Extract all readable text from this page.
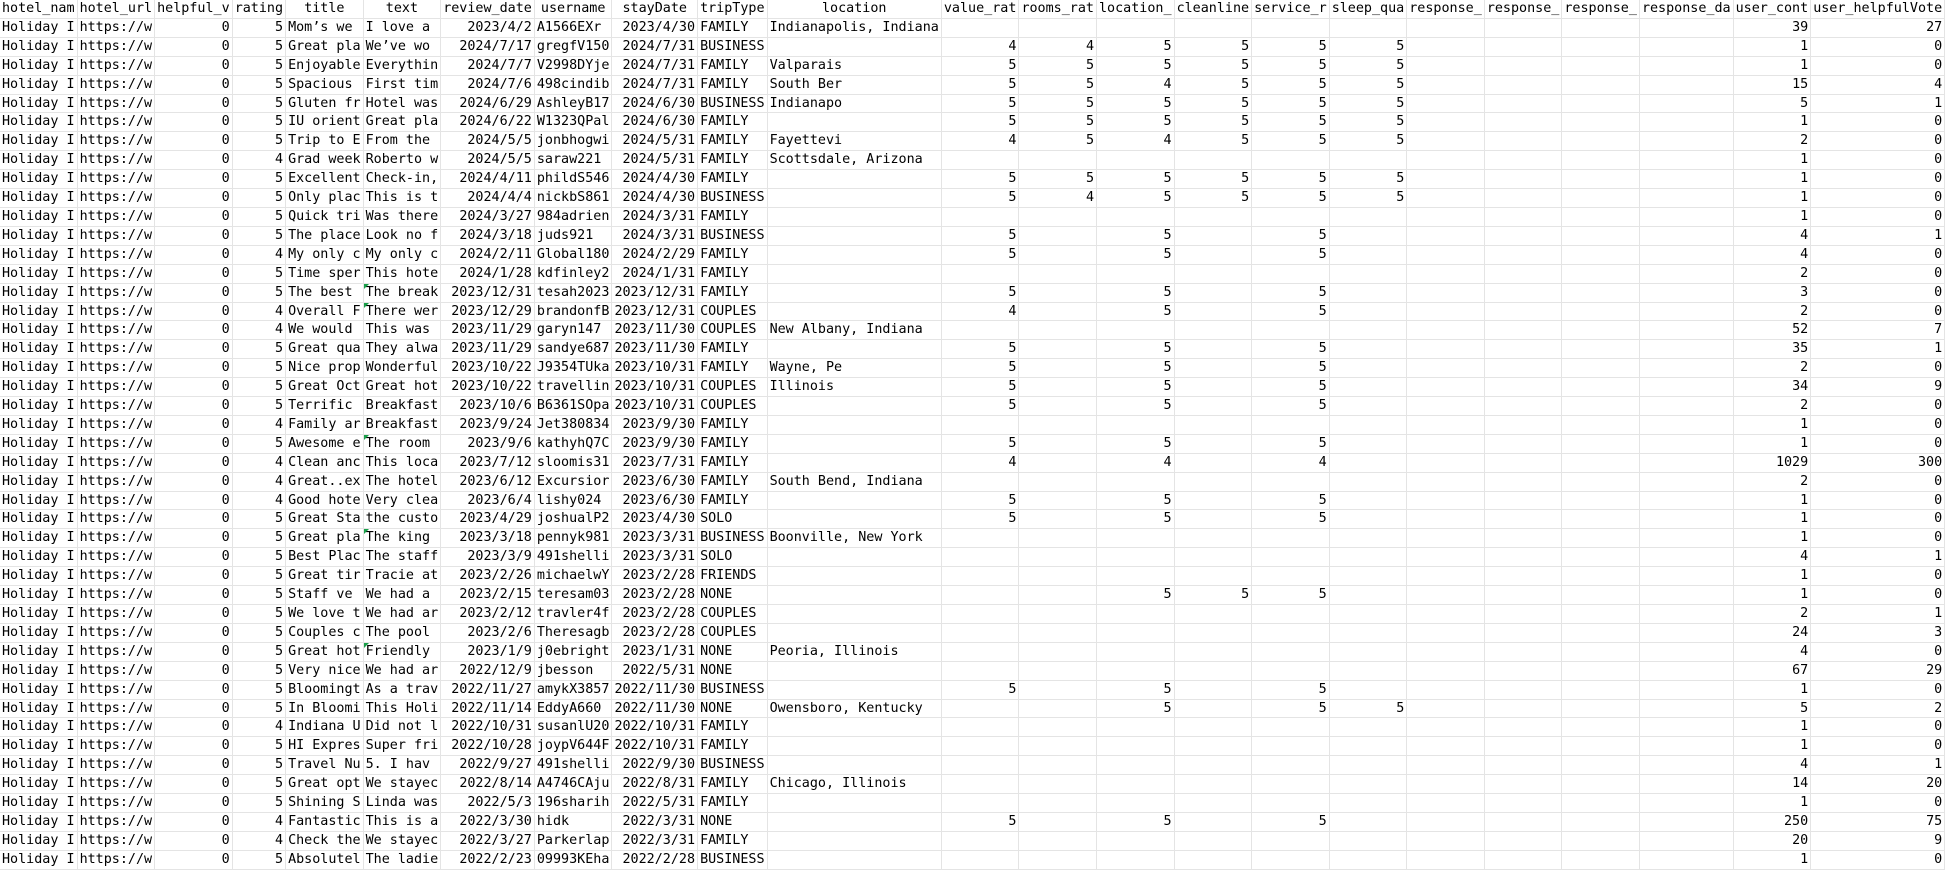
hotel_nam	hotel_url	helpful_v	rating	title	text	review_date	username	stayDate	tripType	location	value_rat	rooms_rat	location_	cleanline	service_r	sleep_qua	response_	response_	response_	response_da	user_cont	user_helpfulVote
Holiday I	https://w	0	5	Mom’s we	I love a	2023/4/2	A1566EXr	2023/4/30	FAMILY	Indianapolis, Indiana											39	27
Holiday I	https://w	0	5	Great pla	We’ve wo	2024/7/17	gregfV150	2024/7/31	BUSINESS		4	4	5	5	5	5					1	0
Holiday I	https://w	0	5	Enjoyable	Everythin	2024/7/7	V2998DYje	2024/7/31	FAMILY	Valparais	5	5	5	5	5	5					1	0
Holiday I	https://w	0	5	Spacious	First tim	2024/7/6	498cindib	2024/7/31	FAMILY	South Ber	5	5	4	5	5	5					15	4
Holiday I	https://w	0	5	Gluten fr	Hotel was	2024/6/29	AshleyB17	2024/6/30	BUSINESS	Indianapo	5	5	5	5	5	5					5	1
Holiday I	https://w	0	5	IU orient	Great pla	2024/6/22	W1323QPal	2024/6/30	FAMILY		5	5	5	5	5	5					1	0
Holiday I	https://w	0	5	Trip to E	From the	2024/5/5	jonbhogwi	2024/5/31	FAMILY	Fayettevi	4	5	4	5	5	5					2	0
Holiday I	https://w	0	4	Grad week	Roberto w	2024/5/5	saraw221	2024/5/31	FAMILY	Scottsdale, Arizona											1	0
Holiday I	https://w	0	5	Excellent	Check-in,	2024/4/11	phildS546	2024/4/30	FAMILY		5	5	5	5	5	5					1	0
Holiday I	https://w	0	5	Only plac	This is t	2024/4/4	nickbS861	2024/4/30	BUSINESS		5	4	5	5	5	5					1	0
Holiday I	https://w	0	5	Quick tri	Was there	2024/3/27	984adrien	2024/3/31	FAMILY												1	0
Holiday I	https://w	0	5	The place	Look no f	2024/3/18	juds921	2024/3/31	BUSINESS		5		5		5						4	1
Holiday I	https://w	0	4	My only c	My only c	2024/2/11	Global180	2024/2/29	FAMILY		5		5		5						4	0
Holiday I	https://w	0	5	Time sper	This hote	2024/1/28	kdfinley2	2024/1/31	FAMILY												2	0
Holiday I	https://w	0	5	The best	The break	2023/12/31	tesah2023	2023/12/31	FAMILY		5		5		5						3	0
Holiday I	https://w	0	4	Overall F	There wer	2023/12/29	brandonfB	2023/12/31	COUPLES		4		5		5						2	0
Holiday I	https://w	0	4	We would	This was	2023/11/29	garyn147	2023/11/30	COUPLES	New Albany, Indiana											52	7
Holiday I	https://w	0	5	Great qua	They alwa	2023/11/29	sandye687	2023/11/30	FAMILY		5		5		5						35	1
Holiday I	https://w	0	5	Nice prop	Wonderful	2023/10/22	J9354TUka	2023/10/31	FAMILY	Wayne, Pe	5		5		5						2	0
Holiday I	https://w	0	5	Great Oct	Great hot	2023/10/22	travellin	2023/10/31	COUPLES	Illinois	5		5		5						34	9
Holiday I	https://w	0	5	Terrific	Breakfast	2023/10/6	B6361SOpa	2023/10/31	COUPLES		5		5		5						2	0
Holiday I	https://w	0	4	Family ar	Breakfast	2023/9/24	Jet380834	2023/9/30	FAMILY												1	0
Holiday I	https://w	0	5	Awesome e	The room	2023/9/6	kathyhQ7C	2023/9/30	FAMILY		5		5		5						1	0
Holiday I	https://w	0	4	Clean anc	This loca	2023/7/12	sloomis31	2023/7/31	FAMILY		4		4		4						1029	300
Holiday I	https://w	0	4	Great..ex	The hotel	2023/6/12	Excursior	2023/6/30	FAMILY	South Bend, Indiana											2	0
Holiday I	https://w	0	4	Good hote	Very clea	2023/6/4	lishy024	2023/6/30	FAMILY		5		5		5						1	0
Holiday I	https://w	0	5	Great Sta	the custo	2023/4/29	joshualP2	2023/4/30	SOLO		5		5		5						1	0
Holiday I	https://w	0	5	Great pla	The king	2023/3/18	pennyk981	2023/3/31	BUSINESS	Boonville, New York											1	0
Holiday I	https://w	0	5	Best Plac	The staff	2023/3/9	491shelli	2023/3/31	SOLO												4	1
Holiday I	https://w	0	5	Great tir	Tracie at	2023/2/26	michaelwY	2023/2/28	FRIENDS												1	0
Holiday I	https://w	0	5	Staff ve	We had a	2023/2/15	teresam03	2023/2/28	NONE				5	5	5						1	0
Holiday I	https://w	0	5	We love t	We had ar	2023/2/12	travler4f	2023/2/28	COUPLES												2	1
Holiday I	https://w	0	5	Couples c	The pool	2023/2/6	Theresagb	2023/2/28	COUPLES												24	3
Holiday I	https://w	0	5	Great hot	Friendly	2023/1/9	j0ebright	2023/1/31	NONE	Peoria, Illinois											4	0
Holiday I	https://w	0	5	Very nice	We had ar	2022/12/9	jbesson	2022/5/31	NONE												67	29
Holiday I	https://w	0	5	Bloomingt	As a trav	2022/11/27	amykX3857	2022/11/30	BUSINESS		5		5		5						1	0
Holiday I	https://w	0	5	In Bloomi	This Holi	2022/11/14	EddyA660	2022/11/30	NONE	Owensboro, Kentucky			5		5	5					5	2
Holiday I	https://w	0	4	Indiana U	Did not l	2022/10/31	susanlU20	2022/10/31	FAMILY												1	0
Holiday I	https://w	0	5	HI Expres	Super fri	2022/10/28	joypV644F	2022/10/31	FAMILY												1	0
Holiday I	https://w	0	5	Travel Nu	5. I hav	2022/9/27	491shelli	2022/9/30	BUSINESS												4	1
Holiday I	https://w	0	5	Great opt	We stayec	2022/8/14	A4746CAju	2022/8/31	FAMILY	Chicago, Illinois											14	20
Holiday I	https://w	0	5	Shining S	Linda was	2022/5/3	196sharih	2022/5/31	FAMILY												1	0
Holiday I	https://w	0	4	Fantastic	This is a	2022/3/30	hidk	2022/3/31	NONE		5		5		5						250	75
Holiday I	https://w	0	4	Check the	We stayec	2022/3/27	Parkerlap	2022/3/31	FAMILY												20	9
Holiday I	https://w	0	5	Absolutel	The ladie	2022/2/23	09993KEha	2022/2/28	BUSINESS												1	0
